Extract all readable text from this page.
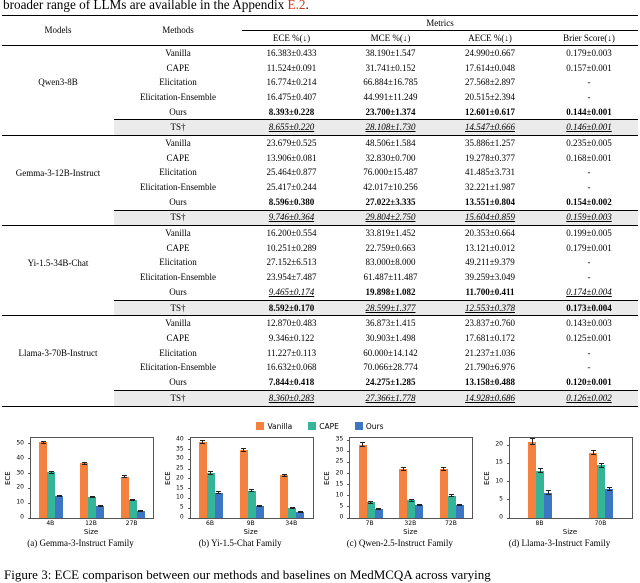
broader range of LLMs are available in the Appendix E.2.
Models	Methods	Metrics			
		ECE %(↓)	MCE %(↓)	AECE %(↓)	Brier Score(↓)
Qwen3-8B	Vanilla	16.383±0.433	38.190±1.547	24.990±0.667	0.179±0.003
	CAPE	11.524±0.091	31.741±0.152	17.614±0.048	0.157±0.001
	Elicitation	16.774±0.214	66.884±16.785	27.568±2.897	-
	Elicitation-Ensemble	16.475±0.407	44.991±11.249	20.515±2.394	-
	Ours	8.393±0.228	23.700±1.374	12.601±0.617	0.144±0.001
	TS†	8.655±0.220	28.108±1.730	14.547±0.666	0.146±0.001
Gemma-3-12B-Instruct	Vanilla	23.679±0.525	48.506±1.584	35.886±1.257	0.235±0.005
	CAPE	13.906±0.081	32.830±0.700	19.278±0.377	0.168±0.001
	Elicitation	25.464±0.877	76.000±15.487	41.485±3.731	-
	Elicitation-Ensemble	25.417±0.244	42.017±10.256	32.221±1.987	-
	Ours	8.596±0.380	27.022±3.335	13.551±0.804	0.154±0.002
	TS†	9.746±0.364	29.804±2.750	15.604±0.859	0.159±0.003
Yi-1.5-34B-Chat	Vanilla	16.200±0.554	33.819±1.452	20.353±0.664	0.199±0.005
	CAPE	10.251±0.289	22.759±0.663	13.121±0.012	0.179±0.001
	Elicitation	27.152±6.513	83.000±8.000	49.211±9.379	-
	Elicitation-Ensemble	23.954±7.487	61.487±11.487	39.259±3.049	-
	Ours	9.465±0.174	19.898±1.082	11.700±0.411	0.174±0.004
	TS†	8.592±0.170	28.599±1.377	12.553±0.378	0.173±0.004
Llama-3-70B-Instruct	Vanilla	12.870±0.483	36.873±1.415	23.837±0.760	0.143±0.003
	CAPE	9.346±0.122	30.903±1.498	17.681±0.172	0.125±0.001
	Elicitation	11.227±0.113	60.000±14.142	21.237±1.036	-
	Elicitation-Ensemble	16.632±0.068	70.066±28.774	21.790±6.976	-
	Ours	7.844±0.418	24.275±1.285	13.158±0.488	0.120±0.001
	TS†	8.360±0.283	27.366±1.778	14.928±0.686	0.126±0.002
Vanilla	CAPE	Ours
ECE
0
10
20
30
40
50
4B	12B	27B
Size
(a) Gemma-3-Instruct Family
ECE
0
5
10
15
20
25
30
35
40
6B	9B	34B
Size
(b) Yi-1.5-Chat Family
ECE
0
5
10
15
20
25
30
35
7B	32B	72B
Size
(c) Qwen-2.5-Instruct Family
ECE
0
5
10
15
20
8B	70B
Size
(d) Llama-3-Instruct Family
Figure 3: ECE comparison between our methods and baselines on MedMCQA across varying
